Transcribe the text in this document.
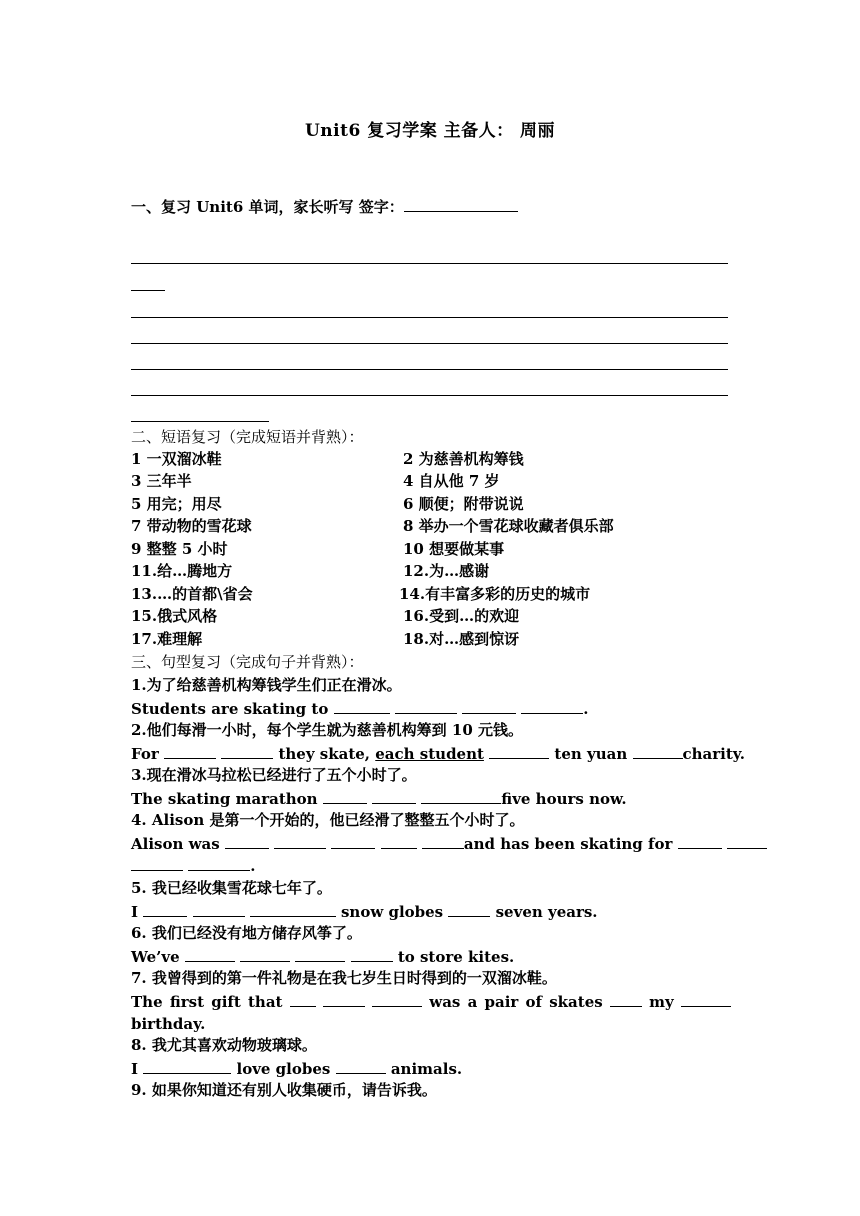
Unit6 复习学案 主备人： 周丽
一、复习 Unit6 单词，家长听写 签字：
二、短语复习（完成短语并背熟）：
1 一双溜冰鞋	2 为慈善机构筹钱
3 三年半	4 自从他 7 岁
5 用完；用尽	6 顺便；附带说说
7 带动物的雪花球	8 举办一个雪花球收藏者俱乐部
9 整整 5 小时	10 想要做某事
11.给…腾地方	12.为…感谢
13.…的首都\省会	14.有丰富多彩的历史的城市
15.俄式风格	16.受到…的欢迎
17.难理解	18.对…感到惊讶
三、句型复习（完成句子并背熟）：
1.为了给慈善机构筹钱学生们正在滑冰。
Students are skating to	.
2.他们每滑一小时，每个学生就为慈善机构筹到 10 元钱。
For	they skate, each student	ten yuan	charity.
3.现在滑冰马拉松已经进行了五个小时了。
The skating marathon	five hours now.
4. Alison 是第一个开始的，他已经滑了整整五个小时了。
Alison was	and has been skating for
.
5. 我已经收集雪花球七年了。
I	snow globes	seven years.
6. 我们已经没有地方储存风筝了。
We’ve	to store kites.
7. 我曾得到的第一件礼物是在我七岁生日时得到的一双溜冰鞋。
The first gift that	was a pair of skates	my
birthday.
8. 我尤其喜欢动物玻璃球。
I	love globes	animals.
9. 如果你知道还有别人收集硬币，请告诉我。
